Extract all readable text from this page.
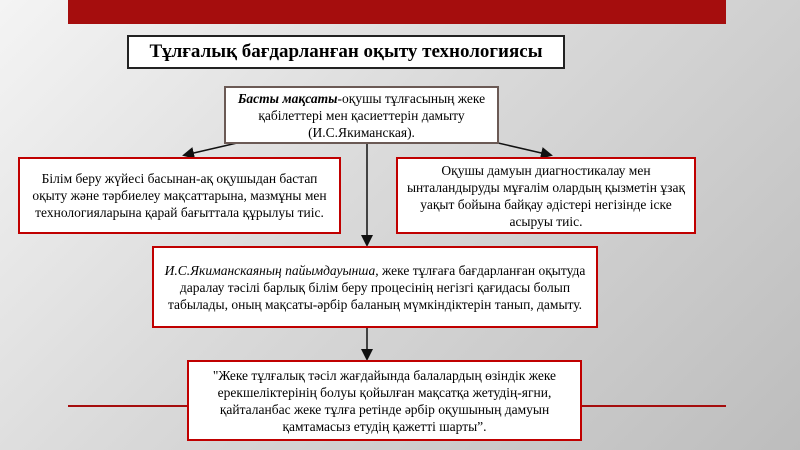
Тұлғалық бағдарланған оқыту технологиясы
Басты мақсаты-оқушы тұлғасының жеке қабілеттері мен қасиеттерін дамыту (И.С.Якиманская).
Білім беру жүйесі басынан-ақ оқушыдан бастап оқыту және тәрбиелеу мақсаттарына, мазмұны мен технологияларына қарай бағыттала құрылуы тиіс.
Оқушы дамуын диагностикалау мен ынталандыруды мұғалім олардың қызметін ұзақ уақыт бойына байқау әдістері негізінде іске асыруы тиіс.
И.С.Якиманскаяның пайымдауынша, жеке тұлғаға бағдарланған оқытуда даралау тәсілі барлық білім беру процесінің негізгі қағидасы болып табылады, оның мақсаты-әрбір баланың мүмкіндіктерін танып, дамыту.
"Жеке тұлғалық тәсіл жағдайында балалардың өзіндік жеке ерекшеліктерінің болуы қойылған мақсатқа жетудің-ягни, қайталанбас жеке тұлға ретінде әрбір оқушының дамуын қамтамасыз етудің қажетті шарты”.
